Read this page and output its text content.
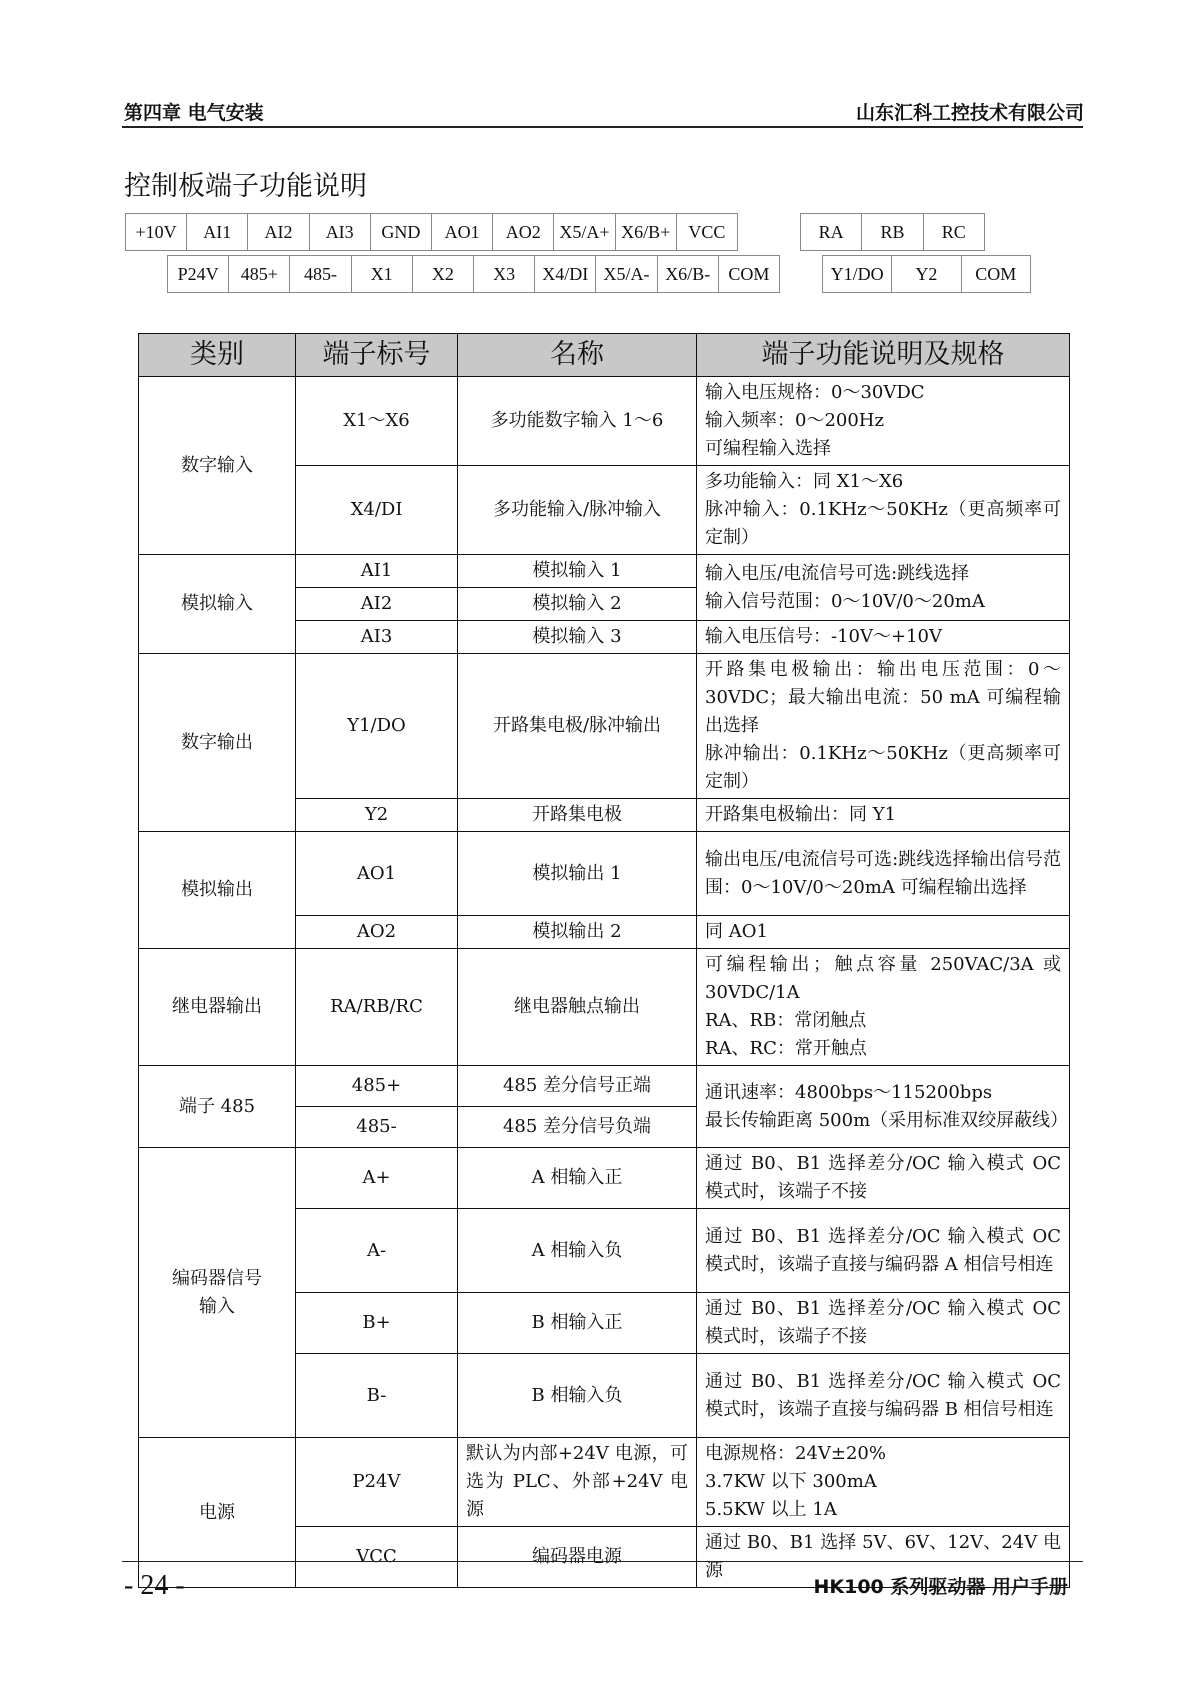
第四章 电气安装	山东汇科工控技术有限公司
控制板端子功能说明
+10V	AI1	AI2	AI3	GND	AO1	AO2	X5/A+ X6/B+	VCC
P24V	485+	485-	X1	X2	X3	X4/DI X5/A- X6/B-	COM
RA	RB	RC
Y1/DO	Y2	COM
类别	端子标号	名称	端子功能说明及规格
数字输入	X1～X6	多功能数字输入 1～6	输入电压规格：0～30VDC
输入频率：0～200Hz
可编程输入选择
	X4/DI	多功能输入/脉冲输入	多功能输入：同 X1～X6
脉冲输入：0.1KHz～50KHz（更高频率可定制）
模拟输入	AI1	模拟输入 1	输入电压/电流信号可选:跳线选择
输入信号范围：0～10V/0～20mA
	AI2	模拟输入 2	
	AI3	模拟输入 3	输入电压信号：-10V～+10V
数字输出	Y1/DO	开路集电极/脉冲输出	开路集电极输出：输出电压范围：0～30VDC；最大输出电流：50 mA 可编程输出选择
脉冲输出：0.1KHz～50KHz（更高频率可定制）
	Y2	开路集电极	开路集电极输出：同 Y1
模拟输出	AO1	模拟输出 1	输出电压/电流信号可选:跳线选择输出信号范围：0～10V/0～20mA 可编程输出选择
	AO2	模拟输出 2	同 AO1
继电器输出	RA/RB/RC	继电器触点输出	可编程输出；触点容量 250VAC/3A 或 30VDC/1A
RA、RB：常闭触点
RA、RC：常开触点
端子 485	485+	485 差分信号正端	通讯速率：4800bps～115200bps
最长传输距离 500m（采用标准双绞屏蔽线）
	485-	485 差分信号负端	
编码器信号
输入	A+	A 相输入正	通过 B0、B1 选择差分/OC 输入模式 OC 模式时，该端子不接
	A-	A 相输入负	通过 B0、B1 选择差分/OC 输入模式 OC 模式时，该端子直接与编码器 A 相信号相连
	B+	B 相输入正	通过 B0、B1 选择差分/OC 输入模式 OC 模式时，该端子不接
	B-	B 相输入负	通过 B0、B1 选择差分/OC 输入模式 OC 模式时，该端子直接与编码器 B 相信号相连
电源	P24V	默认为内部+24V 电源，可选为 PLC、外部+24V 电源	电源规格：24V±20%
3.7KW 以下 300mA
5.5KW 以上 1A
	VCC	编码器电源	通过 B0、B1 选择 5V、6V、12V、24V 电源
- 24 -	HK100 系列驱动器 用户手册
